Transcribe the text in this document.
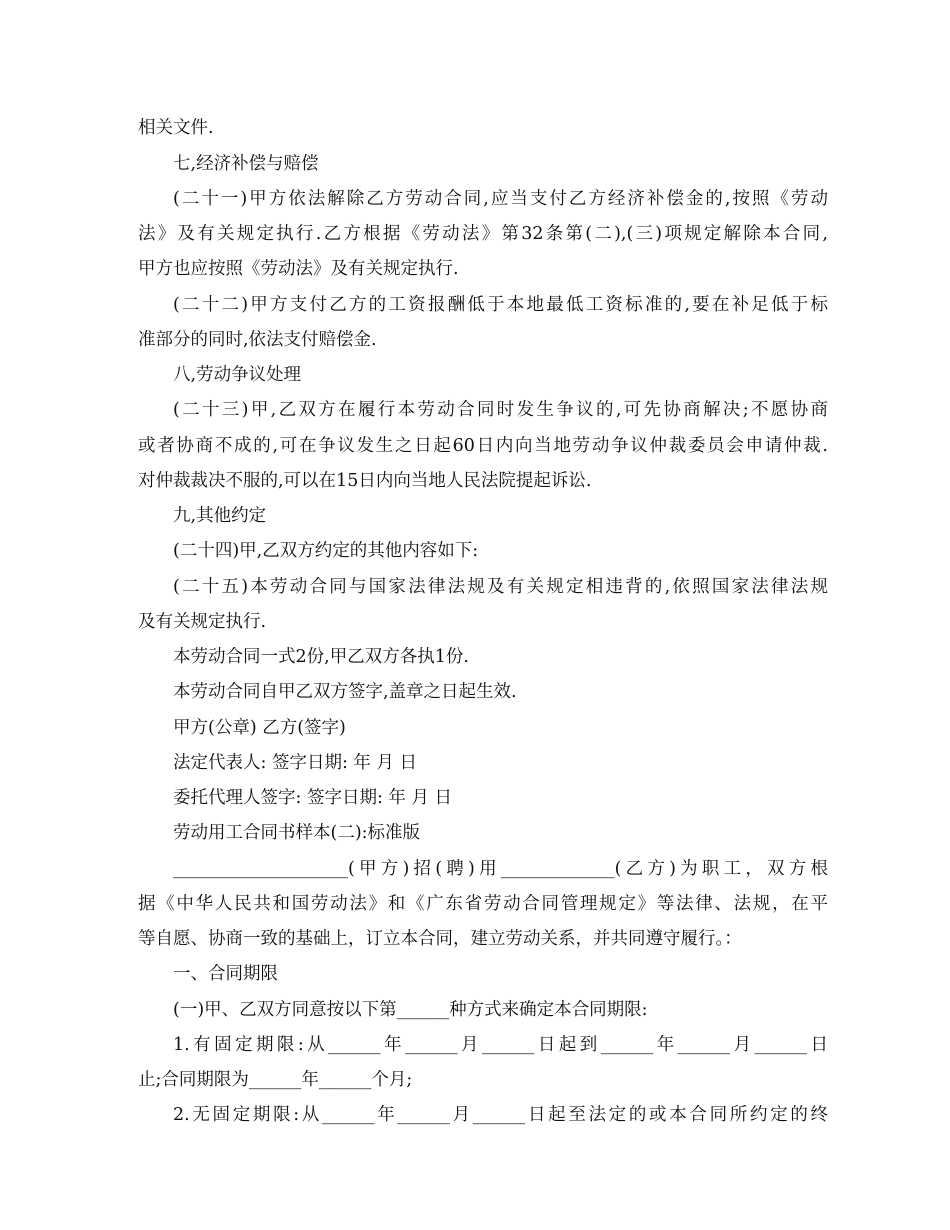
相关文件.
七,经济补偿与赔偿
(二十一)甲方依法解除乙方劳动合同,应当支付乙方经济补偿金的,按照《劳动
法》及有关规定执行.乙方根据《劳动法》第32条第(二),(三)项规定解除本合同,
甲方也应按照《劳动法》及有关规定执行.
(二十二)甲方支付乙方的工资报酬低于本地最低工资标准的,要在补足低于标
准部分的同时,依法支付赔偿金.
八,劳动争议处理
(二十三)甲,乙双方在履行本劳动合同时发生争议的,可先协商解决;不愿协商
或者协商不成的,可在争议发生之日起60日内向当地劳动争议仲裁委员会申请仲裁.
对仲裁裁决不服的,可以在15日内向当地人民法院提起诉讼.
九,其他约定
(二十四)甲,乙双方约定的其他内容如下:
(二十五)本劳动合同与国家法律法规及有关规定相违背的,依照国家法律法规
及有关规定执行.
本劳动合同一式2份,甲乙双方各执1份.
本劳动合同自甲乙双方签字,盖章之日起生效.
甲方(公章) 乙方(签字)
法定代表人: 签字日期: 年 月 日
委托代理人签字: 签字日期: 年 月 日
劳动用工合同书样本(二):标准版
____________________(甲方)招(聘)用_____________(乙方)为职工，双方根
据《中华人民共和国劳动法》和《广东省劳动合同管理规定》等法律、法规，在平
等自愿、协商一致的基础上，订立本合同，建立劳动关系，并共同遵守履行。：
一、合同期限
(一)甲、乙双方同意按以下第______种方式来确定本合同期限:
1.有固定期限:从______年______月______日起到______年______月______日
止;合同期限为______年______个月;
2.无固定期限:从______年______月______日起至法定的或本合同所约定的终
